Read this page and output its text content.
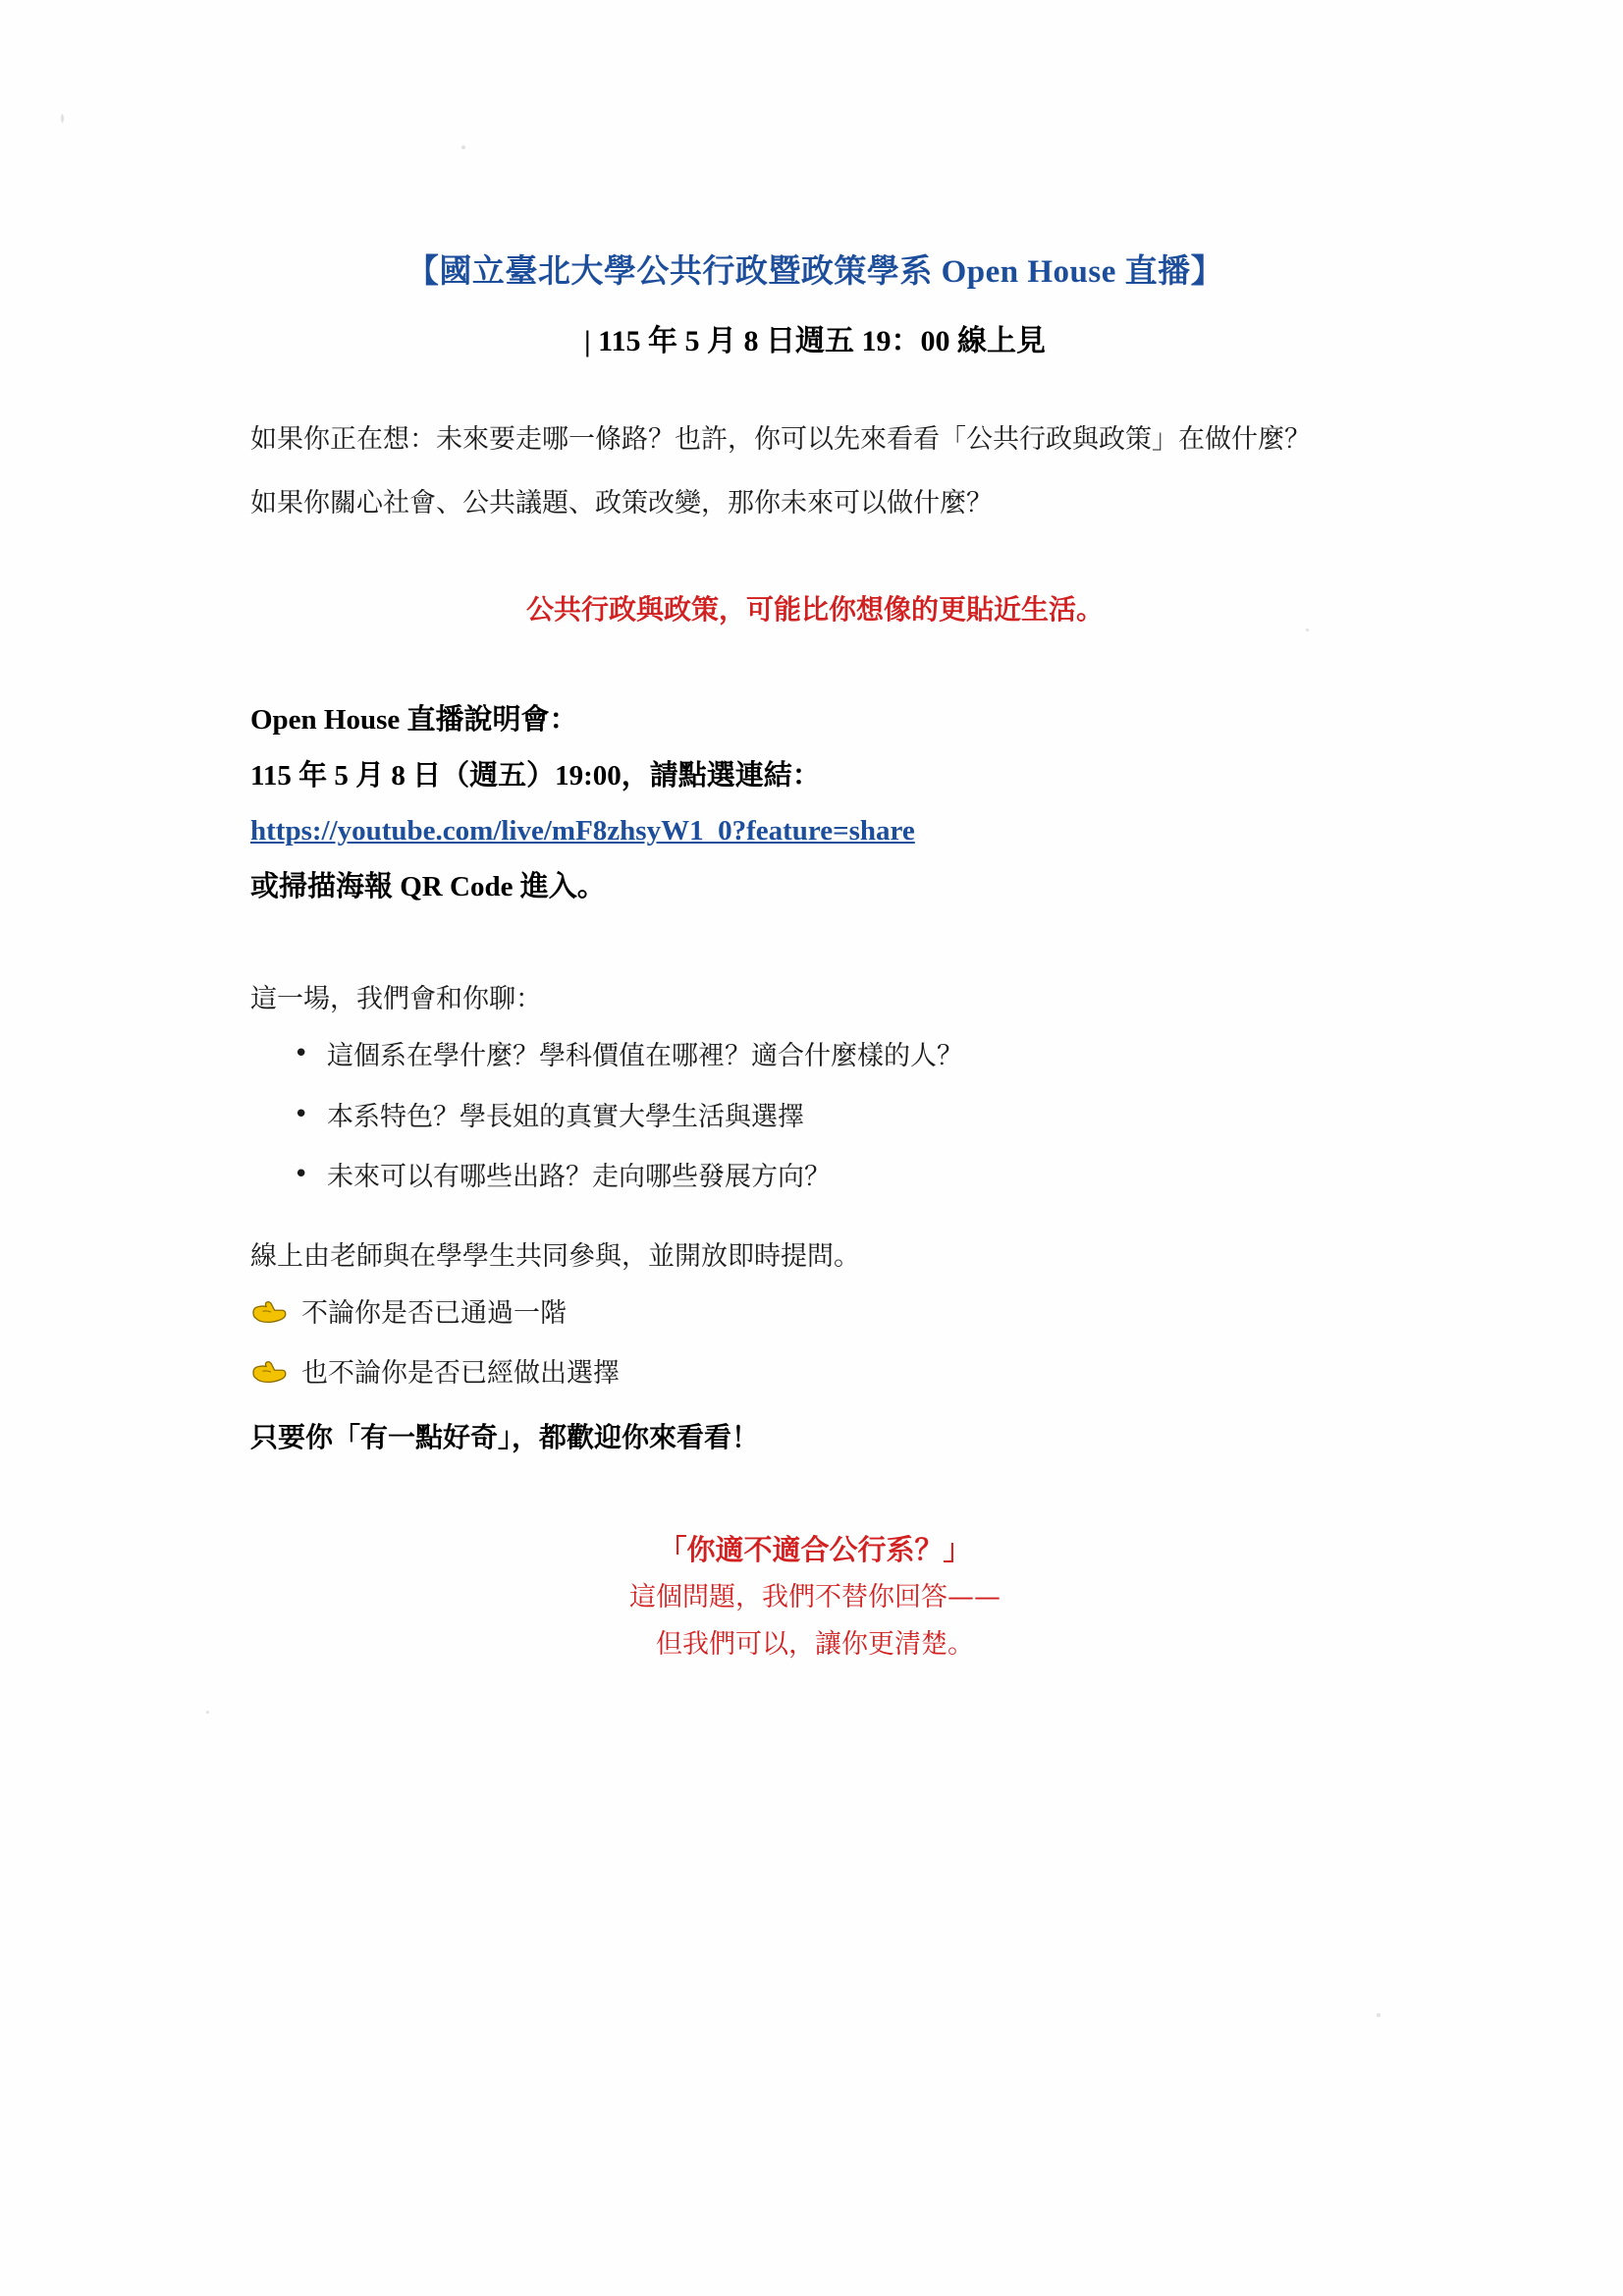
【國立臺北大學公共行政暨政策學系 Open House 直播】
| 115 年 5 月 8 日週五 19：00 線上見
如果你正在想：未來要走哪一條路？也許，你可以先來看看「公共行政與政策」在做什麼？
如果你關心社會、公共議題、政策改變，那你未來可以做什麼？
公共行政與政策，可能比你想像的更貼近生活。
Open House 直播說明會：
115 年 5 月 8 日（週五）19:00，請點選連結：
https://youtube.com/live/mF8zhsyW1_0?feature=share
或掃描海報 QR Code 進入。
這一場，我們會和你聊：
• 這個系在學什麼？學科價值在哪裡？適合什麼樣的人？
• 本系特色？學長姐的真實大學生活與選擇
• 未來可以有哪些出路？走向哪些發展方向？
線上由老師與在學學生共同參與，並開放即時提問。
不論你是否已通過一階
也不論你是否已經做出選擇
只要你「有一點好奇」，都歡迎你來看看！
「你適不適合公行系？」
這個問題，我們不替你回答——
但我們可以，讓你更清楚。
